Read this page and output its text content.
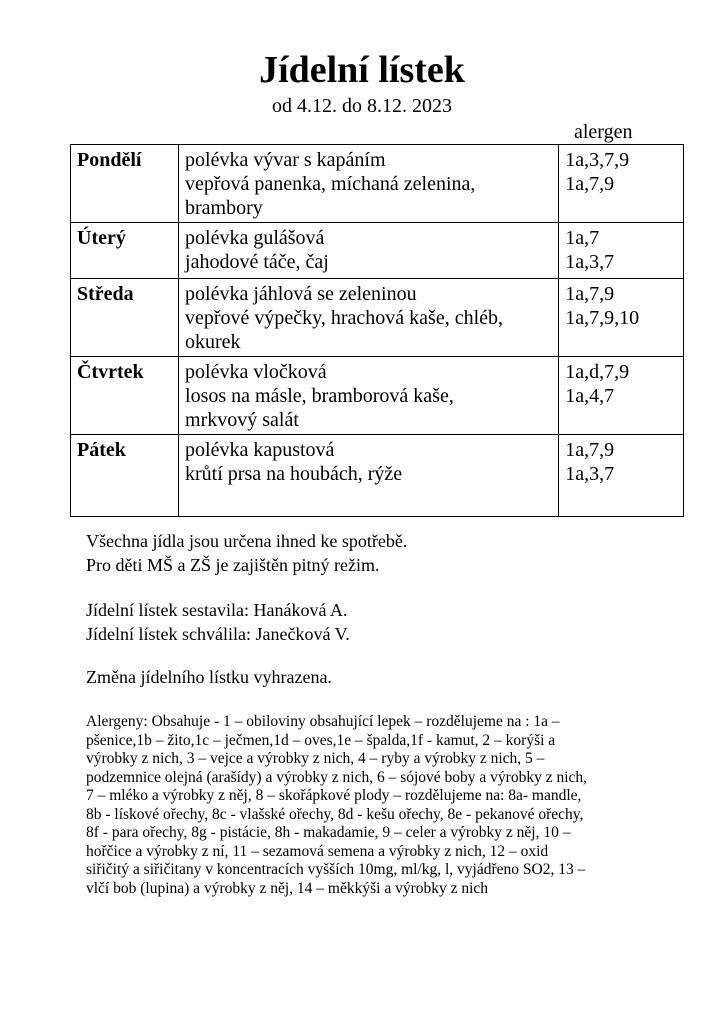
Jídelní lístek
od 4.12. do 8.12. 2023
alergen
Pondělí	polévka vývar s kapáním
vepřová panenka, míchaná zelenina,
brambory	1a,3,7,9
1a,7,9

Úterý	polévka gulášová
jahodové táče, čaj	1a,7
1a,3,7

Středa	polévka jáhlová se zeleninou
vepřové výpečky, hrachová kaše, chléb,
okurek	1a,7,9
1a,7,9,10

Čtvrtek	polévka vločková
losos na másle, bramborová kaše,
mrkvový salát	1a,d,7,9
1a,4,7

Pátek	polévka kapustová
krůtí prsa na houbách, rýže	1a,7,9
1a,3,7
Všechna jídla jsou určena ihned ke spotřebě.
Pro děti MŠ a ZŠ je zajištěn pitný režim.
Jídelní lístek sestavila: Hanáková A.
Jídelní lístek schválila: Janečková V.
Změna jídelního lístku vyhrazena.
Alergeny: Obsahuje - 1 – obiloviny obsahující lepek – rozdělujeme na : 1a –
pšenice,1b – žito,1c – ječmen,1d – oves,1e – špalda,1f - kamut, 2 – korýši a
výrobky z nich, 3 – vejce a výrobky z nich, 4 – ryby a výrobky z nich, 5 –
podzemnice olejná (arašídy) a výrobky z nich, 6 – sójové boby a výrobky z nich,
7 – mléko a výrobky z něj, 8 – skořápkové plody – rozdělujeme na: 8a- mandle,
8b - lískové ořechy, 8c - vlašské ořechy, 8d - kešu ořechy, 8e - pekanové ořechy,
8f - para ořechy, 8g - pistácie, 8h - makadamie, 9 – celer a výrobky z něj, 10 –
hořčice a výrobky z ní, 11 – sezamová semena a výrobky z nich, 12 – oxid
siřičitý a siřičitany v koncentracích vyšších 10mg, ml/kg, l, vyjádřeno SO2, 13 –
vlčí bob (lupina) a výrobky z něj, 14 – měkkýši a výrobky z nich
